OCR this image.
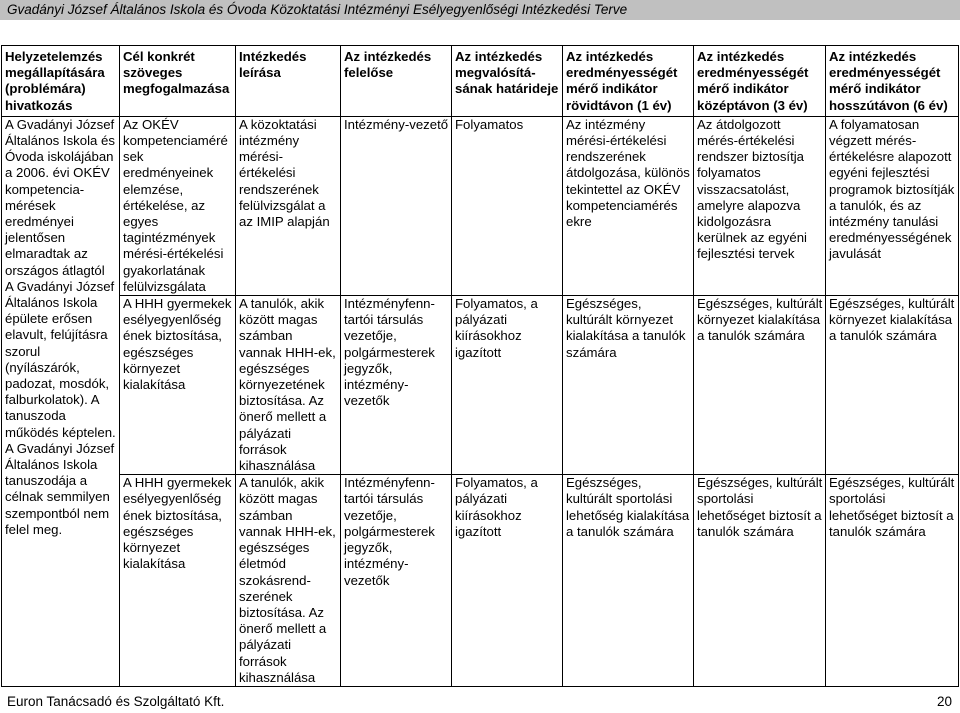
Gvadányi József Általános Iskola és Óvoda Közoktatási Intézményi Esélyegyenlőségi Intézkedési Terve
Helyzetelemzés megállapítására (problémára) hivatkozás	Cél konkrét szöveges megfogalmazása	Intézkedés leírása	Az intézkedés felelőse	Az intézkedés megvalósítá-sának határideje	Az intézkedés eredményességét mérő indikátor rövidtávon (1 év)	Az intézkedés eredményességét mérő indikátor középtávon (3 év)	Az intézkedés eredményességét mérő indikátor hosszútávon (6 év)

A Gvadányi József Általános Iskola és Óvoda iskolájában a 2006. évi OKÉV kompetencia-mérések eredményei jelentősen elmaradtak az országos átlagtól
A Gvadányi József Általános Iskola épülete erősen elavult, felújításra szorul (nyílászárók, padozat, mosdók, falburkolatok). A tanuszoda működés képtelen.
A Gvadányi József Általános Iskola tanuszodája a célnak semmilyen szempontból nem felel meg.	Az OKÉV kompetenciamérések eredményeinek elemzése, értékelése, az egyes tagintézmények mérési-értékelési gyakorlatának felülvizsgálata	A közoktatási intézmény mérési-értékelési rendszerének felülvizsgálat a az IMIP alapján	Intézmény-vezető	Folyamatos	Az intézmény mérési-értékelési rendszerének átdolgozása, különös tekintettel az OKÉV kompetenciamérés ekre	Az átdolgozott mérés-értékelési rendszer biztosítja folyamatos visszacsatolást, amelyre alapozva kidolgozásra kerülnek az egyéni fejlesztési tervek	A folyamatosan végzett mérés-értékelésre alapozott egyéni fejlesztési programok biztosítják a tanulók, és az intézmény tanulási eredményességének javulását
	A HHH gyermekek esélyegyenlőség ének biztosítása, egészséges környezet kialakítása	A tanulók, akik között magas számban vannak HHH-ek, egészséges környezetének biztosítása. Az önerő mellett a pályázati források kihasználása	Intézményfenn-tartói társulás vezetője, polgármesterek jegyzők, intézmény-vezetők	Folyamatos, a pályázati kiírásokhoz igazított	Egészséges, kultúrált környezet kialakítása a tanulók számára	Egészséges, kultúrált környezet kialakítása a tanulók számára	Egészséges, kultúrált környezet kialakítása a tanulók számára
	A HHH gyermekek esélyegyenlőség ének biztosítása, egészséges környezet kialakítása	A tanulók, akik között magas számban vannak HHH-ek, egészséges életmód szokásrend-szerének biztosítása. Az önerő mellett a pályázati források kihasználása	Intézményfenn-tartói társulás vezetője, polgármesterek jegyzők, intézmény-vezetők	Folyamatos, a pályázati kiírásokhoz igazított	Egészséges, kultúrált sportolási lehetőség kialakítása a tanulók számára	Egészséges, kultúrált sportolási lehetőséget biztosít a tanulók számára	Egészséges, kultúrált sportolási lehetőséget biztosít a tanulók számára
Euron Tanácsadó és Szolgáltató Kft.	20
